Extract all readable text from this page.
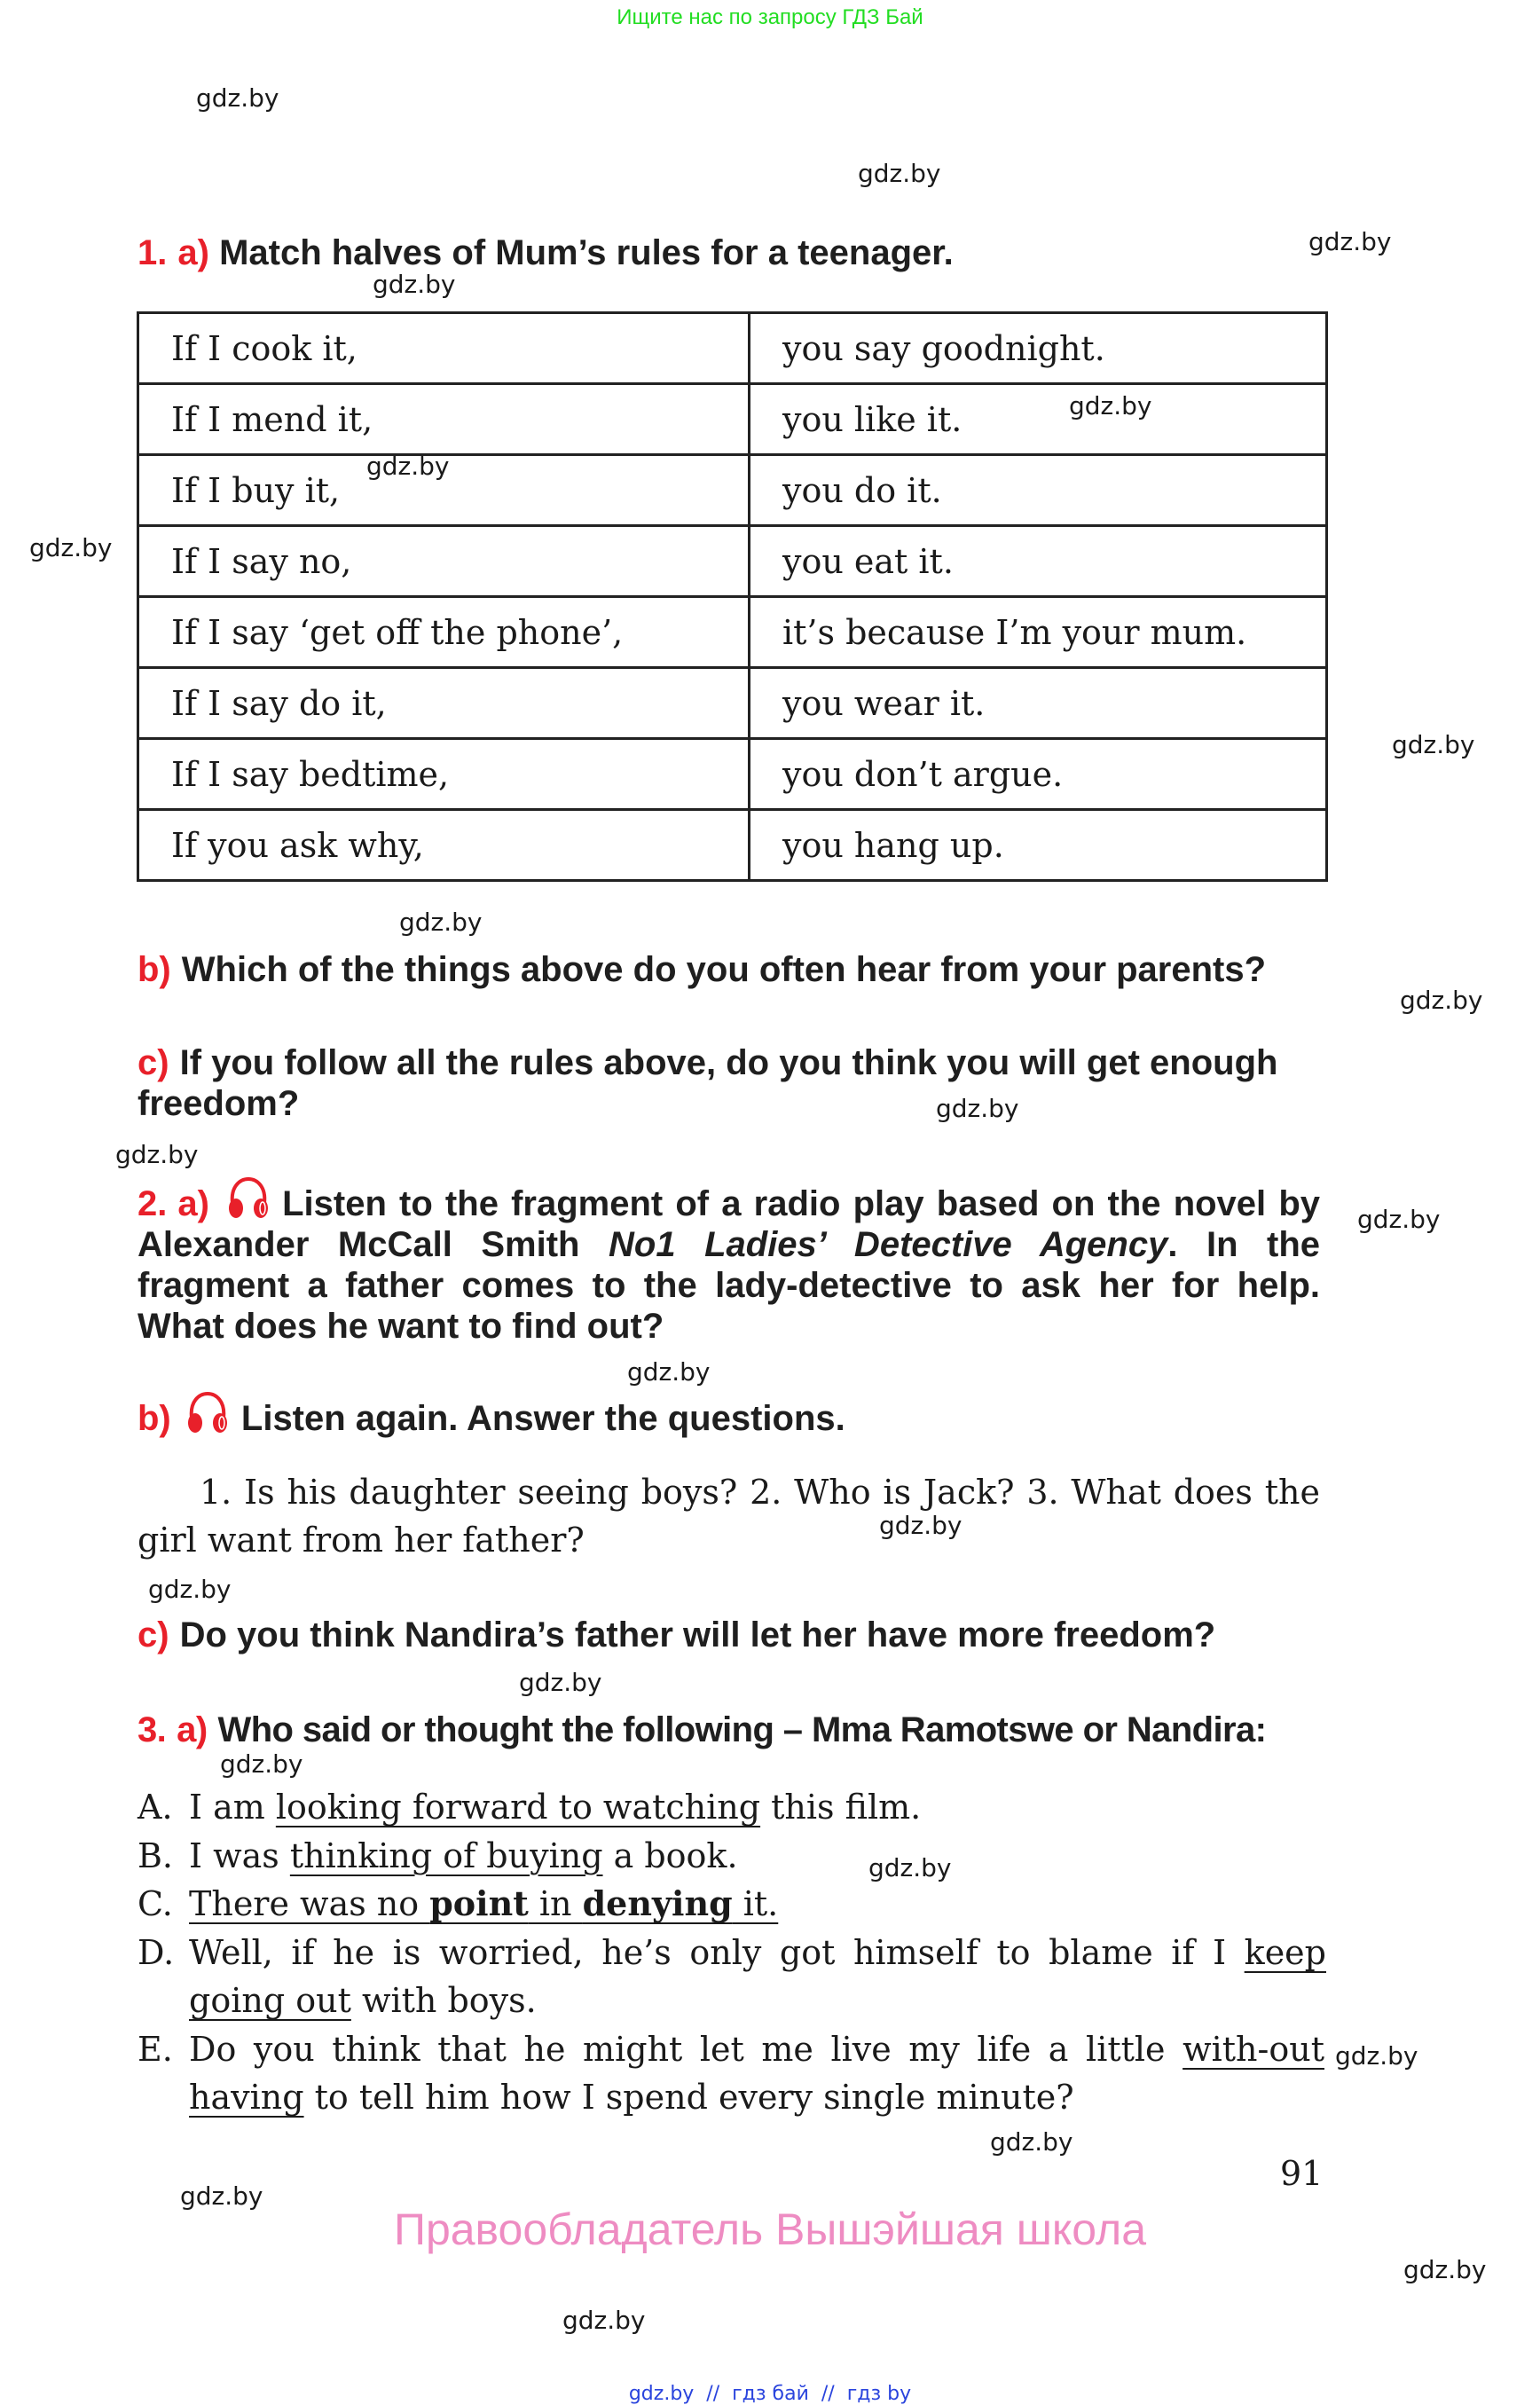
Ищите нас по запросу ГДЗ Бай
gdz.by
gdz.by
gdz.by
gdz.by
gdz.by
gdz.by
gdz.by
gdz.by
gdz.by
gdz.by
gdz.by
gdz.by
gdz.by
gdz.by
gdz.by
gdz.by
gdz.by
gdz.by
gdz.by
gdz.by
gdz.by
gdz.by
gdz.by
gdz.by
1. a) Match halves of Mum’s rules for a teenager.
If I cook it,	you say goodnight.
If I mend it,	you like it.
If I buy it,	you do it.
If I say no,	you eat it.
If I say ‘get off the phone’,	it’s because I’m your mum.
If I say do it,	you wear it.
If I say bedtime,	you don’t argue.
If you ask why,	you hang up.
b) Which of the things above do you often hear from your parents?
c) If you follow all the rules above, do you think you will get enough freedom?
2. a) Listen to the fragment of a radio play based on the novel by Alexander McCall Smith No1 Ladies’ Detective Agency. In the fragment a father comes to the lady-detective to ask her for help. What does he want to find out?
b) Listen again. Answer the questions.
1. Is his daughter seeing boys? 2. Who is Jack? 3. What does the girl want from her father?
c) Do you think Nandira’s father will let her have more freedom?
3. a) Who said or thought the following – Mma Ramotswe or Nandira:
A. I am looking forward to watching this film.
B. I was thinking of buying a book.
C. There was no point in denying it.
D. Well, if he is worried, he’s only got himself to blame if I keep going out with boys.
E. Do you think that he might let me live my life a little with-out having to tell him how I spend every single minute?
91
Правообладатель Вышэйшая школа
gdz.by  //  гдз бай  //  гдз by
